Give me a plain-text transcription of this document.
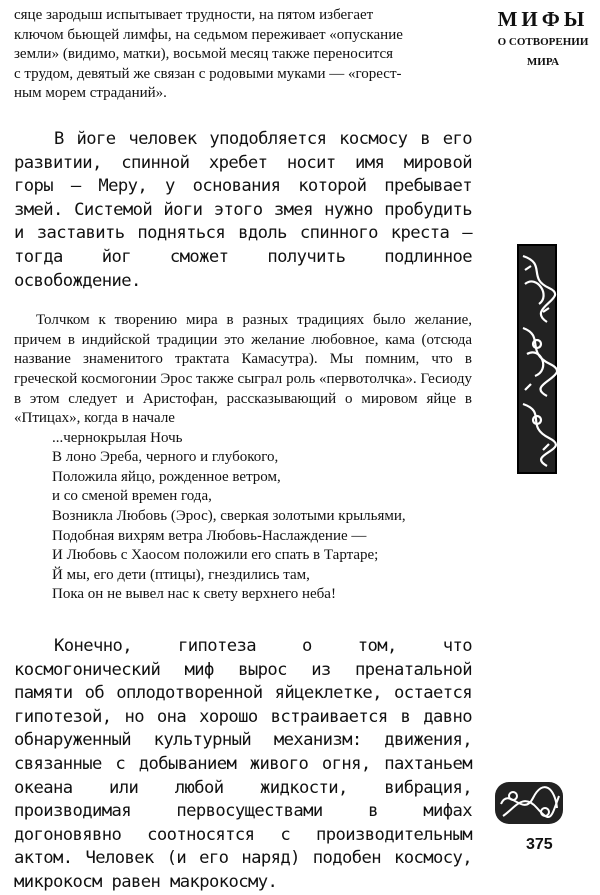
сяце зародыш испытывает трудности, на пятом избегает

ключом бьющей лимфы, на седьмом переживает «опускание

земли» (видимо, матки), восьмой месяц также переносится

с трудом, девятый же связан с родовыми муками — «горест-

ным морем страданий».

В йоге человек уподобляется космосу в его развитии, спинной хребет носит имя мировой горы — Меру, у основания которой пребывает змей. Системой йоги этого змея нужно пробудить и заставить подняться вдоль спинного креста — тогда йог сможет получить подлинное освобождение.

Толчком к творению мира в разных традициях было желание, причем в индийской традиции это желание любовное, кама (отсюда название знаменитого трактата Камасутра). Мы помним, что в греческой космогонии Эрос также сыграл роль «первотолчка». Гесиоду в этом следует и Аристофан, рассказывающий о мировом яйце в «Птицах», когда в начале

...чернокрылая Ночь
В лоно Эреба, черного и глубокого,
Положила яйцо, рожденное ветром,
и со сменой времен года,
Возникла Любовь (Эрос), сверкая золотыми крыльями,
Подобная вихрям ветра Любовь-Наслаждение —
И Любовь с Хаосом положили его спать в Тартаре;
Й мы, его дети (птицы), гнездились там,
Пока он не вывел нас к свету верхнего неба!

Конечно, гипотеза о том, что космогонический миф вырос из пренатальной памяти об оплодотворенной яйцеклетке, остается гипотезой, но она хорошо встраивается в давно обнаруженный культурный механизм: движения, связанные с добыванием живого огня, пахтаньем океана или любой жидкости, вибрация, производимая первосуществами в мифах догоновявно соотносятся с производительным актом. Человек (и его наряд) подобен космосу, микрокосм равен макрокосму.

МИФЫ
О СОТВОРЕНИИ
МИРА
375
